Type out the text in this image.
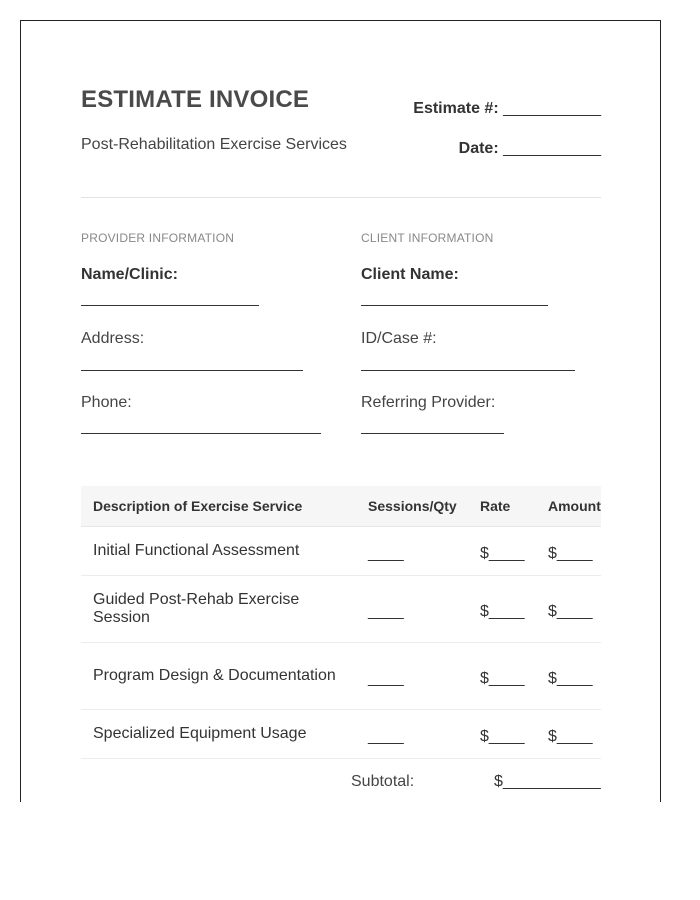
ESTIMATE INVOICE
Post-Rehabilitation Exercise Services
Estimate #: ___________
Date: ___________
PROVIDER INFORMATION
Name/Clinic:
Address:
Phone:
CLIENT INFORMATION
Client Name:
ID/Case #:
Referring Provider:
Description of Exercise Service	Sessions/Qty	Rate	Amount
Initial Functional Assessment	____	$____	$____
Guided Post-Rehab Exercise Session	____	$____	$____
Program Design & Documentation	____	$____	$____
Specialized Equipment Usage	____	$____	$____
Subtotal:	$___________
